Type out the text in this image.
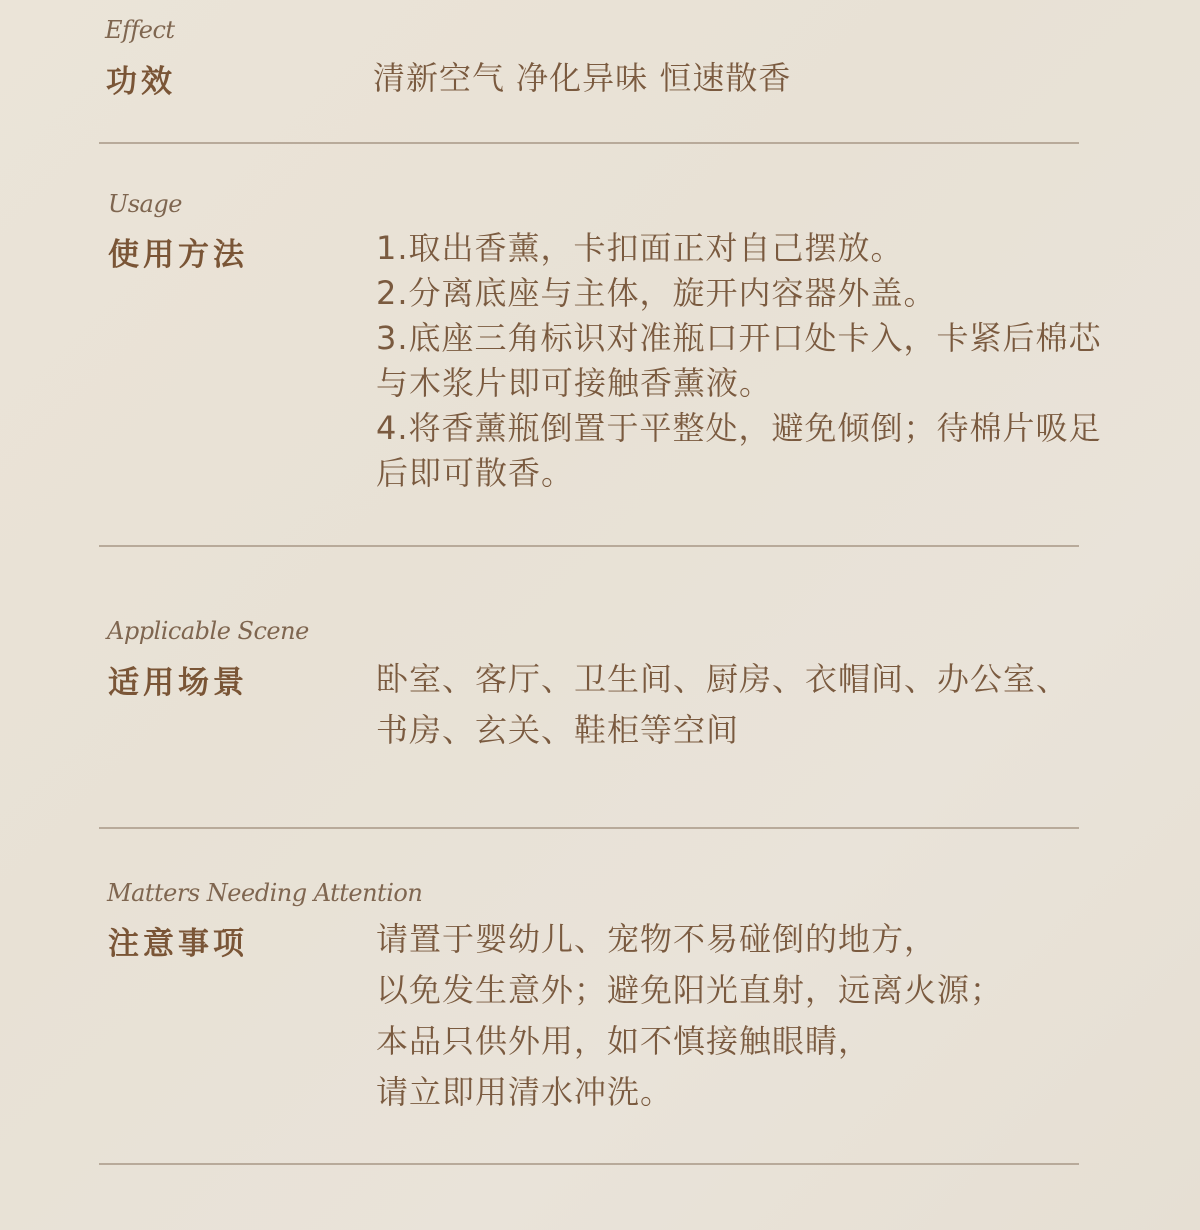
Effect
功效	清新空气 净化异味 恒速散香
Usage
使用方法	1.取出香薰，卡扣面正对自己摆放。
2.分离底座与主体，旋开内容器外盖。
3.底座三角标识对准瓶口开口处卡入，卡紧后棉芯
与木浆片即可接触香薰液。
4.将香薰瓶倒置于平整处，避免倾倒；待棉片吸足
后即可散香。
Applicable Scene
适用场景	卧室、客厅、卫生间、厨房、衣帽间、办公室、
书房、玄关、鞋柜等空间
Matters Needing Attention
注意事项	请置于婴幼儿、宠物不易碰倒的地方，
以免发生意外；避免阳光直射，远离火源；
本品只供外用，如不慎接触眼睛，
请立即用清水冲洗。
